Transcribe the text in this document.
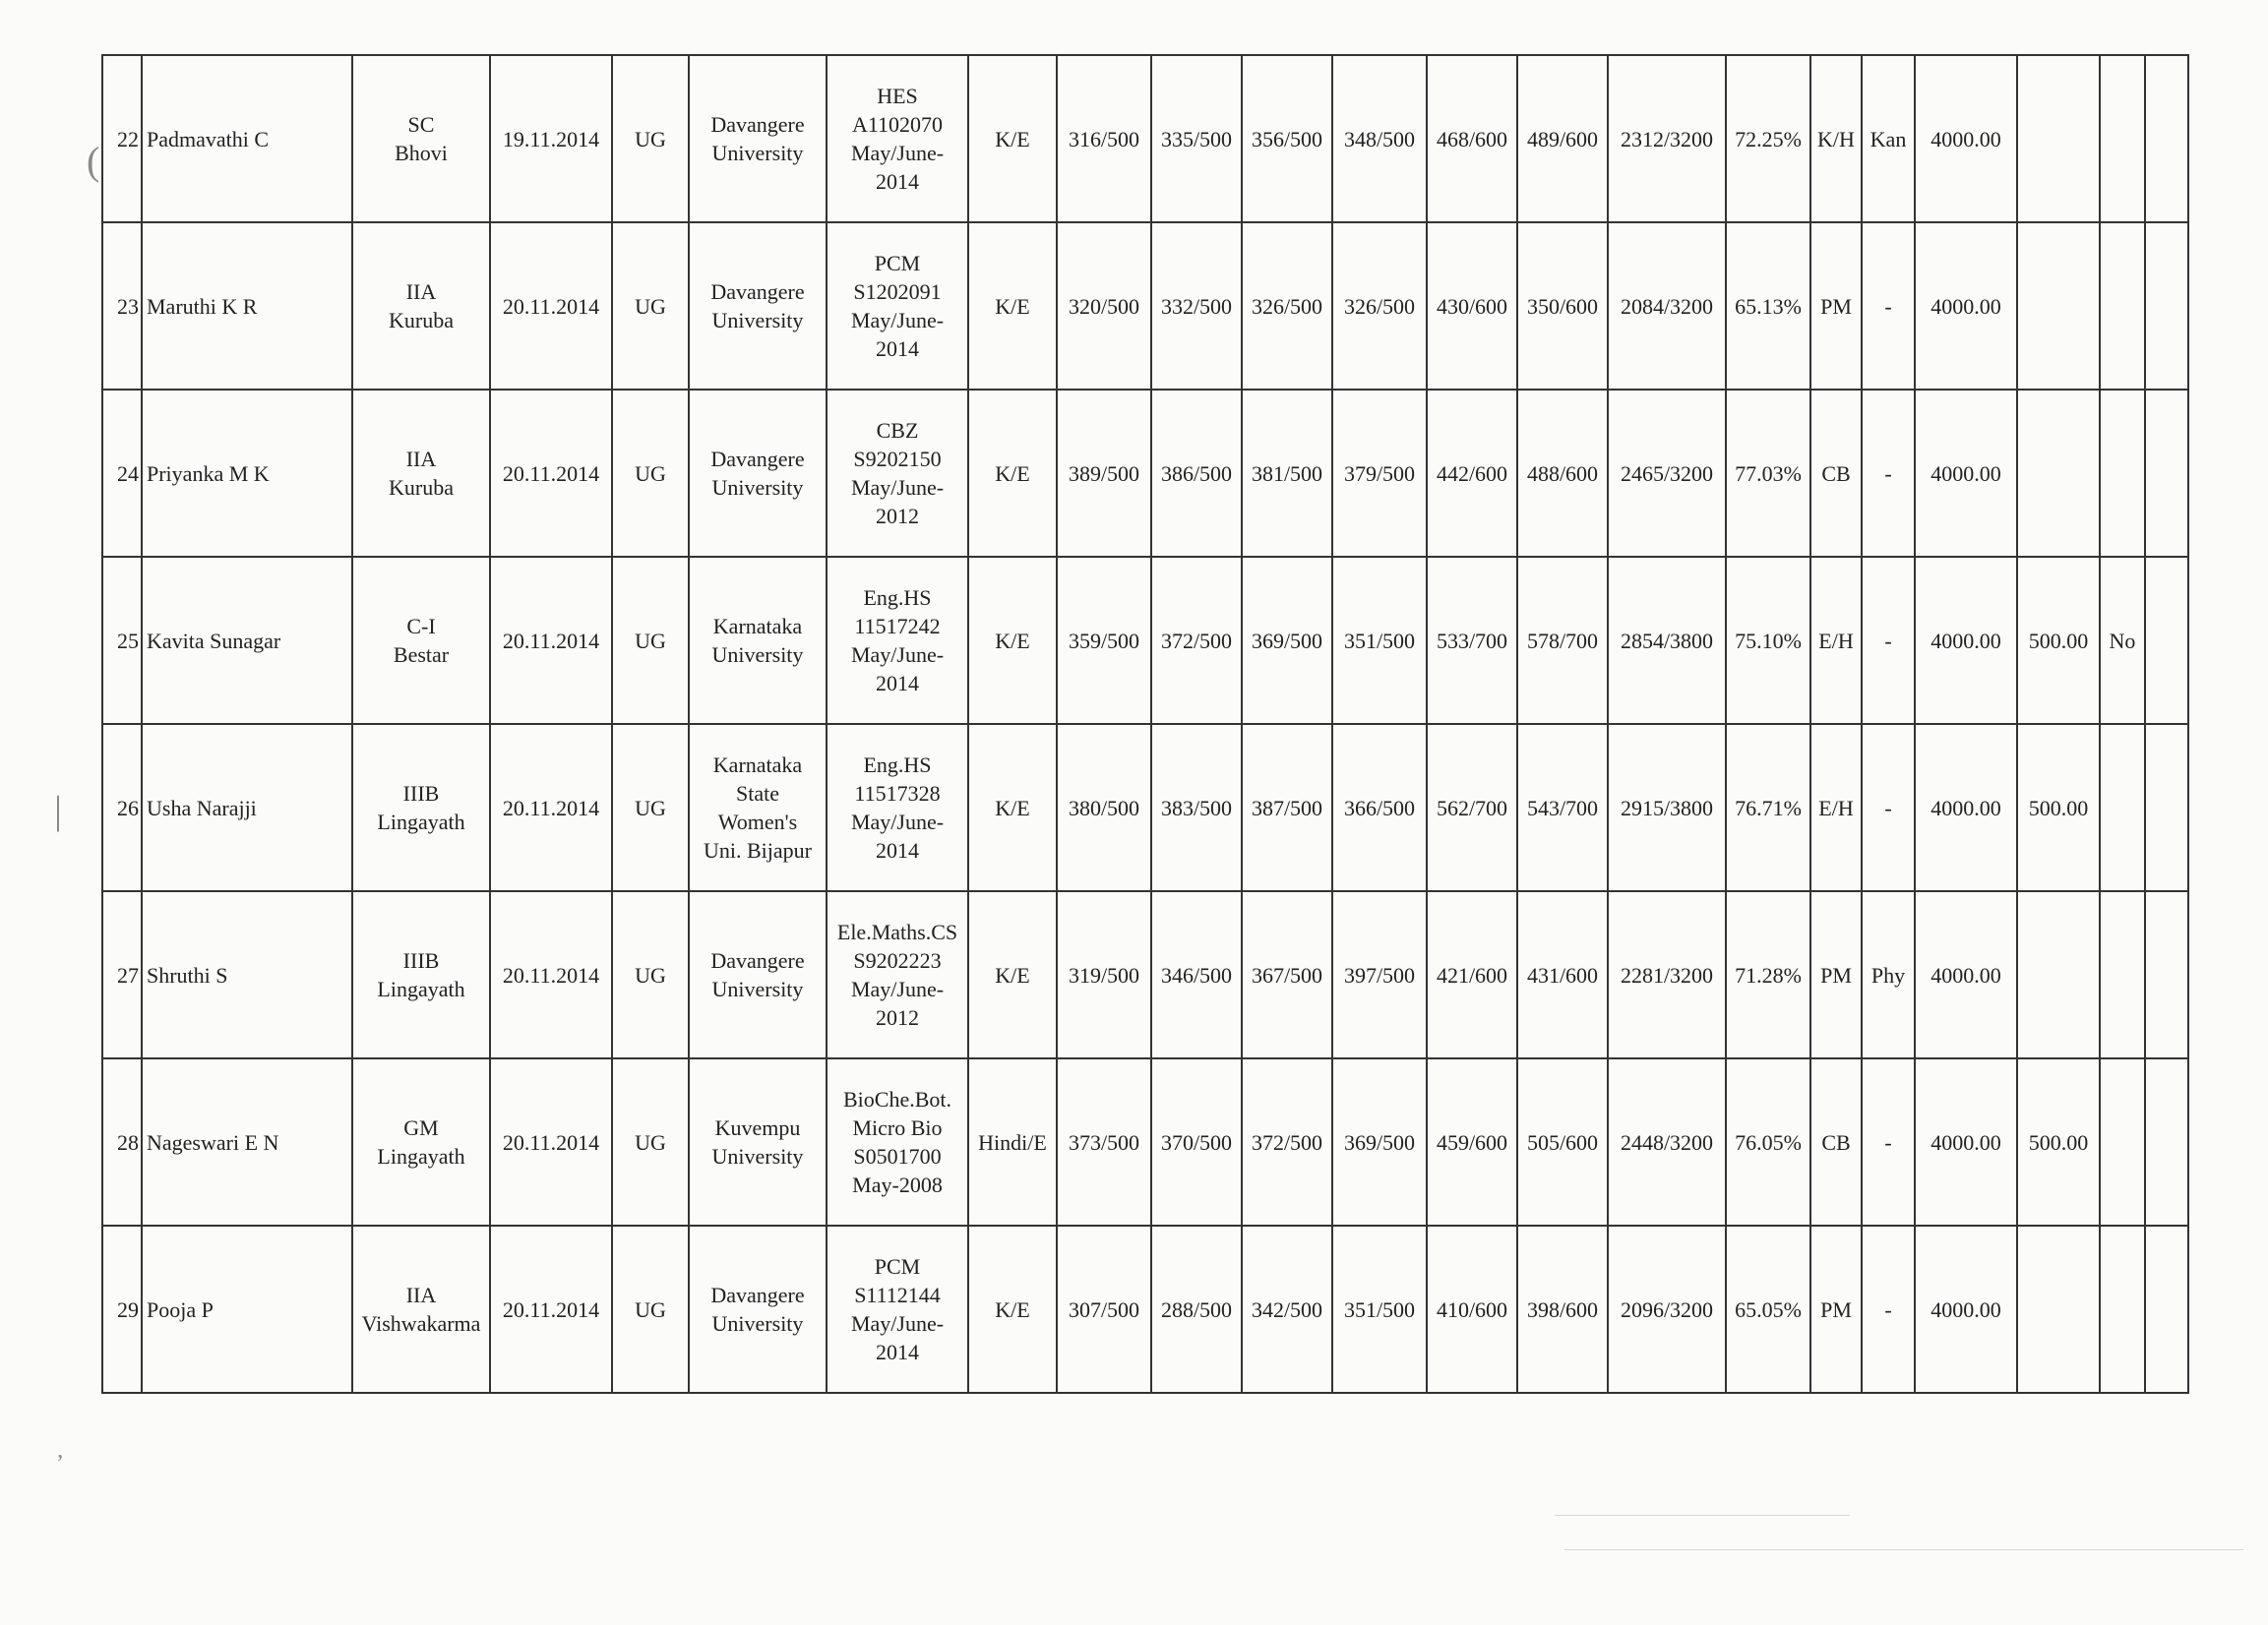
(
|
ʼ
22	Padmavathi C	SC
Bhovi	19.11.2014	UG	Davangere
University	HES
A1102070
May/June-
2014	K/E	316/500	335/500	356/500	348/500	468/600	489/600	2312/3200	72.25%	K/H	Kan	4000.00			
23	Maruthi K R	IIA
Kuruba	20.11.2014	UG	Davangere
University	PCM
S1202091
May/June-
2014	K/E	320/500	332/500	326/500	326/500	430/600	350/600	2084/3200	65.13%	PM	-	4000.00			
24	Priyanka M K	IIA
Kuruba	20.11.2014	UG	Davangere
University	CBZ
S9202150
May/June-
2012	K/E	389/500	386/500	381/500	379/500	442/600	488/600	2465/3200	77.03%	CB	-	4000.00			
25	Kavita Sunagar	C-I
Bestar	20.11.2014	UG	Karnataka
University	Eng.HS
11517242
May/June-
2014	K/E	359/500	372/500	369/500	351/500	533/700	578/700	2854/3800	75.10%	E/H	-	4000.00	500.00	No	
26	Usha Narajji	IIIB
Lingayath	20.11.2014	UG	Karnataka
State
Women's
Uni. Bijapur	Eng.HS
11517328
May/June-
2014	K/E	380/500	383/500	387/500	366/500	562/700	543/700	2915/3800	76.71%	E/H	-	4000.00	500.00		
27	Shruthi S	IIIB
Lingayath	20.11.2014	UG	Davangere
University	Ele.Maths.CS
S9202223
May/June-
2012	K/E	319/500	346/500	367/500	397/500	421/600	431/600	2281/3200	71.28%	PM	Phy	4000.00			
28	Nageswari E N	GM
Lingayath	20.11.2014	UG	Kuvempu
University	BioChe.Bot.
Micro Bio
S0501700
May-2008	Hindi/E	373/500	370/500	372/500	369/500	459/600	505/600	2448/3200	76.05%	CB	-	4000.00	500.00		
29	Pooja P	IIA
Vishwakarma	20.11.2014	UG	Davangere
University	PCM
S1112144
May/June-
2014	K/E	307/500	288/500	342/500	351/500	410/600	398/600	2096/3200	65.05%	PM	-	4000.00			
